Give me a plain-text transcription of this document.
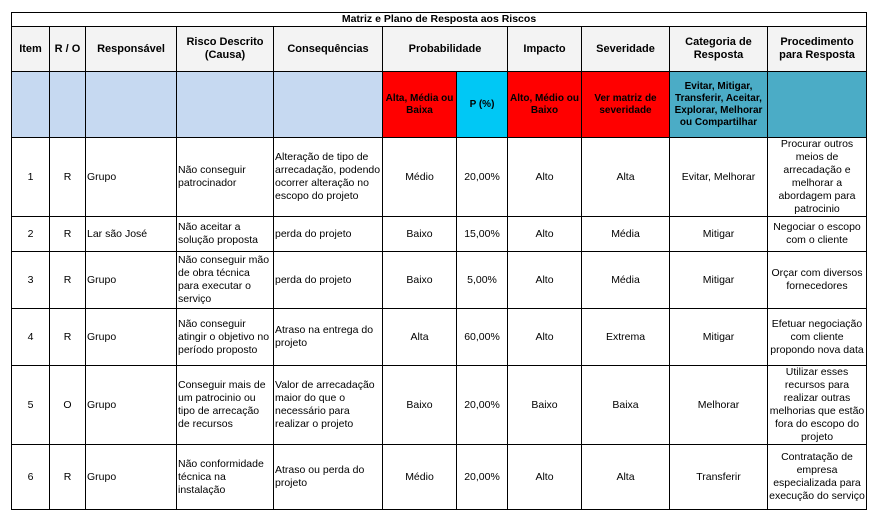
Matriz e Plano de Resposta aos Riscos										
Item	R / O	Responsável	Risco Descrito (Causa)	Consequências	Probabilidade		Impacto	Severidade	Categoria de Resposta	Procedimento para Resposta
					Alta, Média ou Baixa	P (%)	Alto, Médio ou Baixo	Ver matriz de severidade	Evitar, Mitigar, Transferir, Aceitar, Explorar, Melhorar ou Compartilhar	
1	R	Grupo	Não conseguir patrocinador	Alteração de tipo de arrecadação, podendo ocorrer alteração no escopo do projeto	Médio	20,00%	Alto	Alta	Evitar, Melhorar	Procurar outros meios de arrecadação e melhorar a abordagem para patrocinio
2	R	Lar são José	Não aceitar a solução proposta	perda do projeto	Baixo	15,00%	Alto	Média	Mitigar	Negociar o escopo com o cliente
3	R	Grupo	Não conseguir mão de obra técnica para executar o serviço	perda do projeto	Baixo	5,00%	Alto	Média	Mitigar	Orçar com diversos fornecedores
4	R	Grupo	Não conseguir atingir o objetivo no período proposto	Atraso na entrega do projeto	Alta	60,00%	Alto	Extrema	Mitigar	Efetuar negociação com cliente propondo nova data
5	O	Grupo	Conseguir mais de um patrocinio ou tipo de arrecação de recursos	Valor de arrecadação maior do que o necessário para realizar o projeto	Baixo	20,00%	Baixo	Baixa	Melhorar	Utilizar esses recursos para realizar outras melhorias que estão fora do escopo do projeto
6	R	Grupo	Não conformidade técnica na instalação	Atraso ou perda do projeto	Médio	20,00%	Alto	Alta	Transferir	Contratação de empresa especializada para execução do serviço
